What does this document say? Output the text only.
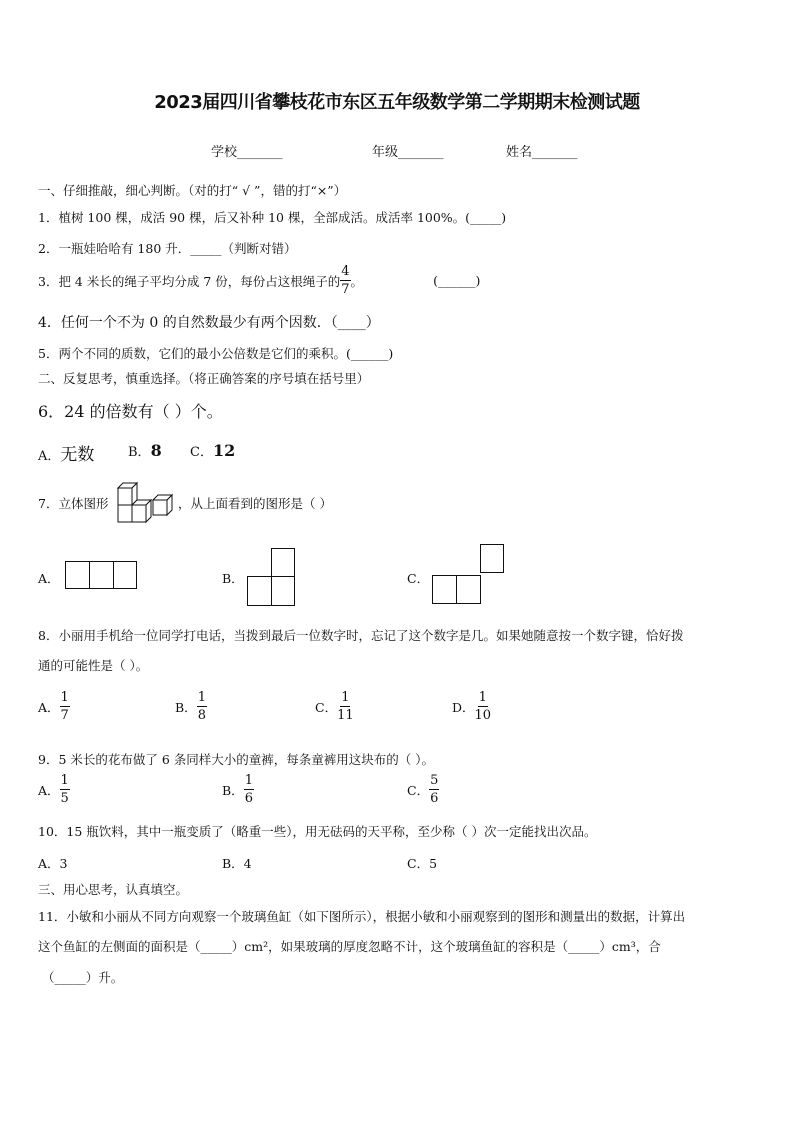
2023届四川省攀枝花市东区五年级数学第二学期期末检测试题
学校_______	年级_______	姓名_______
一、仔细推敲，细心判断。（对的打“ √ ”，错的打“×”）
1．植树 100 棵，成活 90 棵，后又补种 10 棵，全部成活。成活率 100%。(_____)
2．一瓶娃哈哈有 180 升．_____（判断对错）
3．把 4 米长的绳子平均分成 7 份，每份占这根绳子的 $\frac{4}{7}$ 。	(______)
4．任何一个不为 0 的自然数最少有两个因数．（____）
5．两个不同的质数，它们的最小公倍数是它们的乘积。(______)
二、反复思考，慎重选择。（将正确答案的序号填在括号里）
6．24 的倍数有（ ）个。
A．无数	B．8 C．12
7．立体图形	，从上面看到的图形是（ ）
A．	B．	C．
8．小丽用手机给一位同学打电话，当拨到最后一位数字时，忘记了这个数字是几。如果她随意按一个数字键，恰好拨
通的可能性是（ ）。
A． $\frac{1}{7}$	B． $\frac{1}{8}$	C． $\frac{1}{11}$	D． $\frac{1}{10}$
9．5 米长的花布做了 6 条同样大小的童裤，每条童裤用这块布的（ ）。
A． $\frac{1}{5}$	B． $\frac{1}{6}$	C． $\frac{5}{6}$
10．15 瓶饮料，其中一瓶变质了（略重一些），用无砝码的天平称，至少称（ ）次一定能找出次品。
A．3	B．4	C．5
三、用心思考，认真填空。
11．小敏和小丽从不同方向观察一个玻璃鱼缸（如下图所示），根据小敏和小丽观察到的图形和测量出的数据，计算出
这个鱼缸的左侧面的面积是（_____）cm²，如果玻璃的厚度忽略不计，这个玻璃鱼缸的容积是（_____）cm³，合
（_____）升。
